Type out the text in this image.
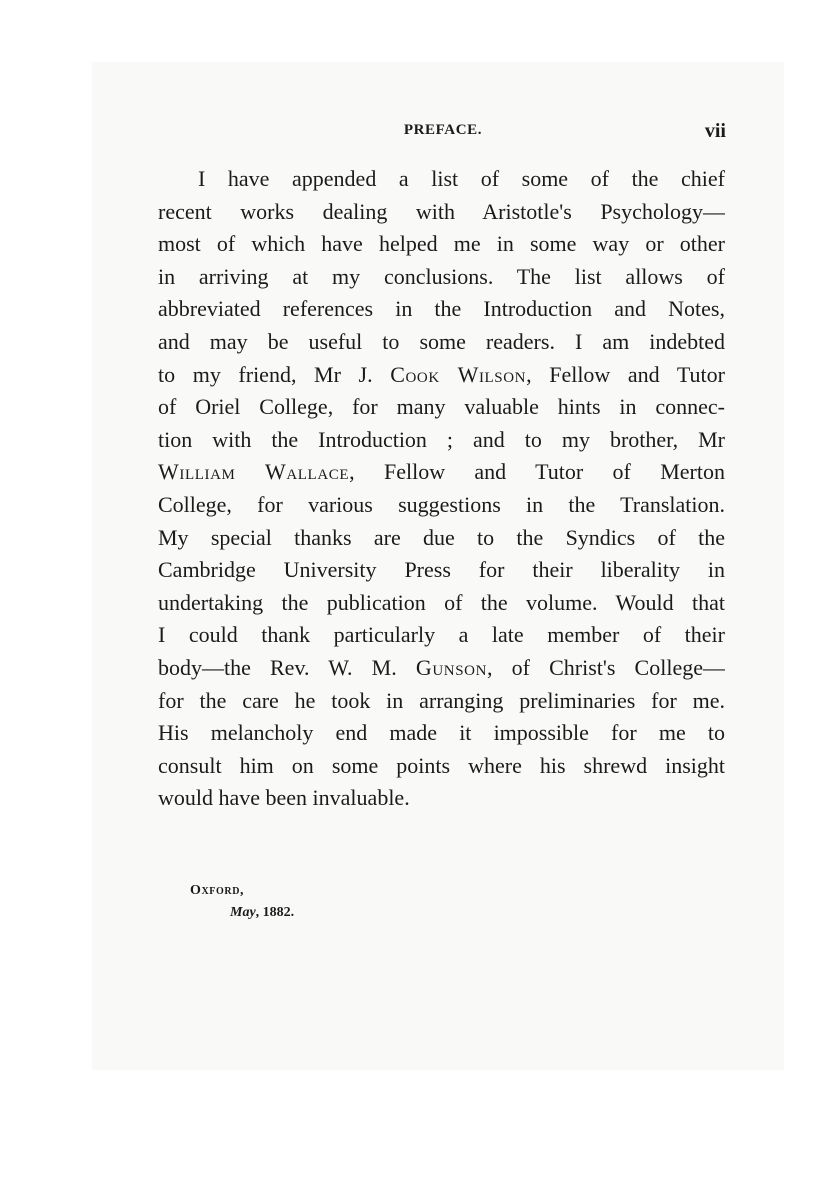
PREFACE.	vii
I have appended a list of some of the chief
recent works dealing with Aristotle's Psychology—
most of which have helped me in some way or other
in arriving at my conclusions. The list allows of
abbreviated references in the Introduction and Notes,
and may be useful to some readers. I am indebted
to my friend, Mr J. Cook Wilson, Fellow and Tutor
of Oriel College, for many valuable hints in connec-
tion with the Introduction ; and to my brother, Mr
William Wallace, Fellow and Tutor of Merton
College, for various suggestions in the Translation.
My special thanks are due to the Syndics of the
Cambridge University Press for their liberality in
undertaking the publication of the volume. Would that
I could thank particularly a late member of their
body—the Rev. W. M. Gunson, of Christ's College—
for the care he took in arranging preliminaries for me.
His melancholy end made it impossible for me to
consult him on some points where his shrewd insight
would have been invaluable.
Oxford,
May, 1882.
